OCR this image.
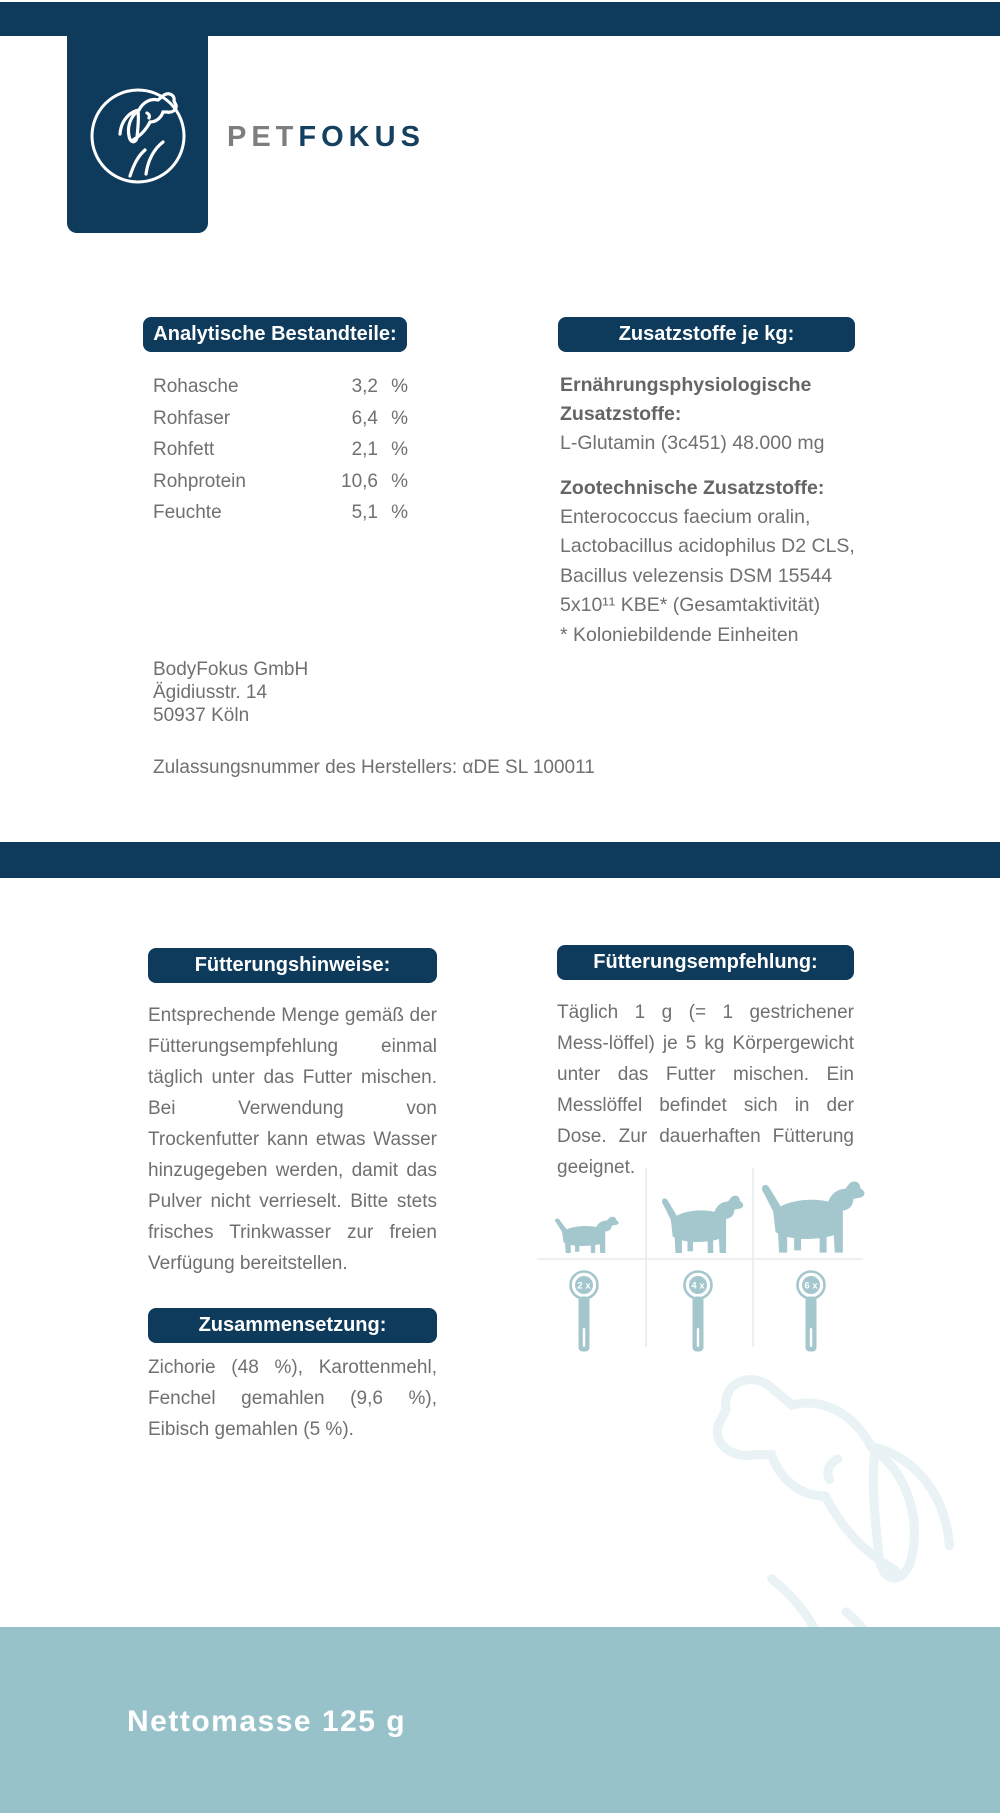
PETFOKUS
Analytische Bestandteile:
Rohasche	3,2 %
Rohfaser	6,4 %
Rohfett	2,1 %
Rohprotein	10,6 %
Feuchte	5,1 %
Zusatzstoffe je kg:
Ernährungsphysiologische Zusatzstoffe:
L-Glutamin (3c451) 48.000 mg
Zootechnische Zusatzstoffe:
Enterococcus faecium oralin,
Lactobacillus acidophilus D2 CLS,
Bacillus velezensis DSM 15544
5x10¹¹ KBE* (Gesamtaktivität)
* Koloniebildende Einheiten
BodyFokus GmbH
Ägidiusstr. 14
50937 Köln
Zulassungsnummer des Herstellers: αDE SL 100011
Fütterungshinweise:
Entsprechende Menge gemäß der Fütterungsempfehlung einmal täglich unter das Futter mischen. Bei Verwendung von Trockenfutter kann etwas Wasser hinzugegeben werden, damit das Pulver nicht verrieselt. Bitte stets frisches Trinkwasser zur freien Verfügung bereitstellen.
Fütterungsempfehlung:
Täglich 1 g (= 1 gestrichener Mess-löffel) je 5 kg Körpergewicht unter das Futter mischen. Ein Messlöffel befindet sich in der Dose. Zur dauerhaften Fütterung geeignet.
2 x	4 x	6 x
Zusammensetzung:
Zichorie (48 %), Karottenmehl, Fenchel gemahlen (9,6 %), Eibisch gemahlen (5 %).
Nettomasse 125 g
